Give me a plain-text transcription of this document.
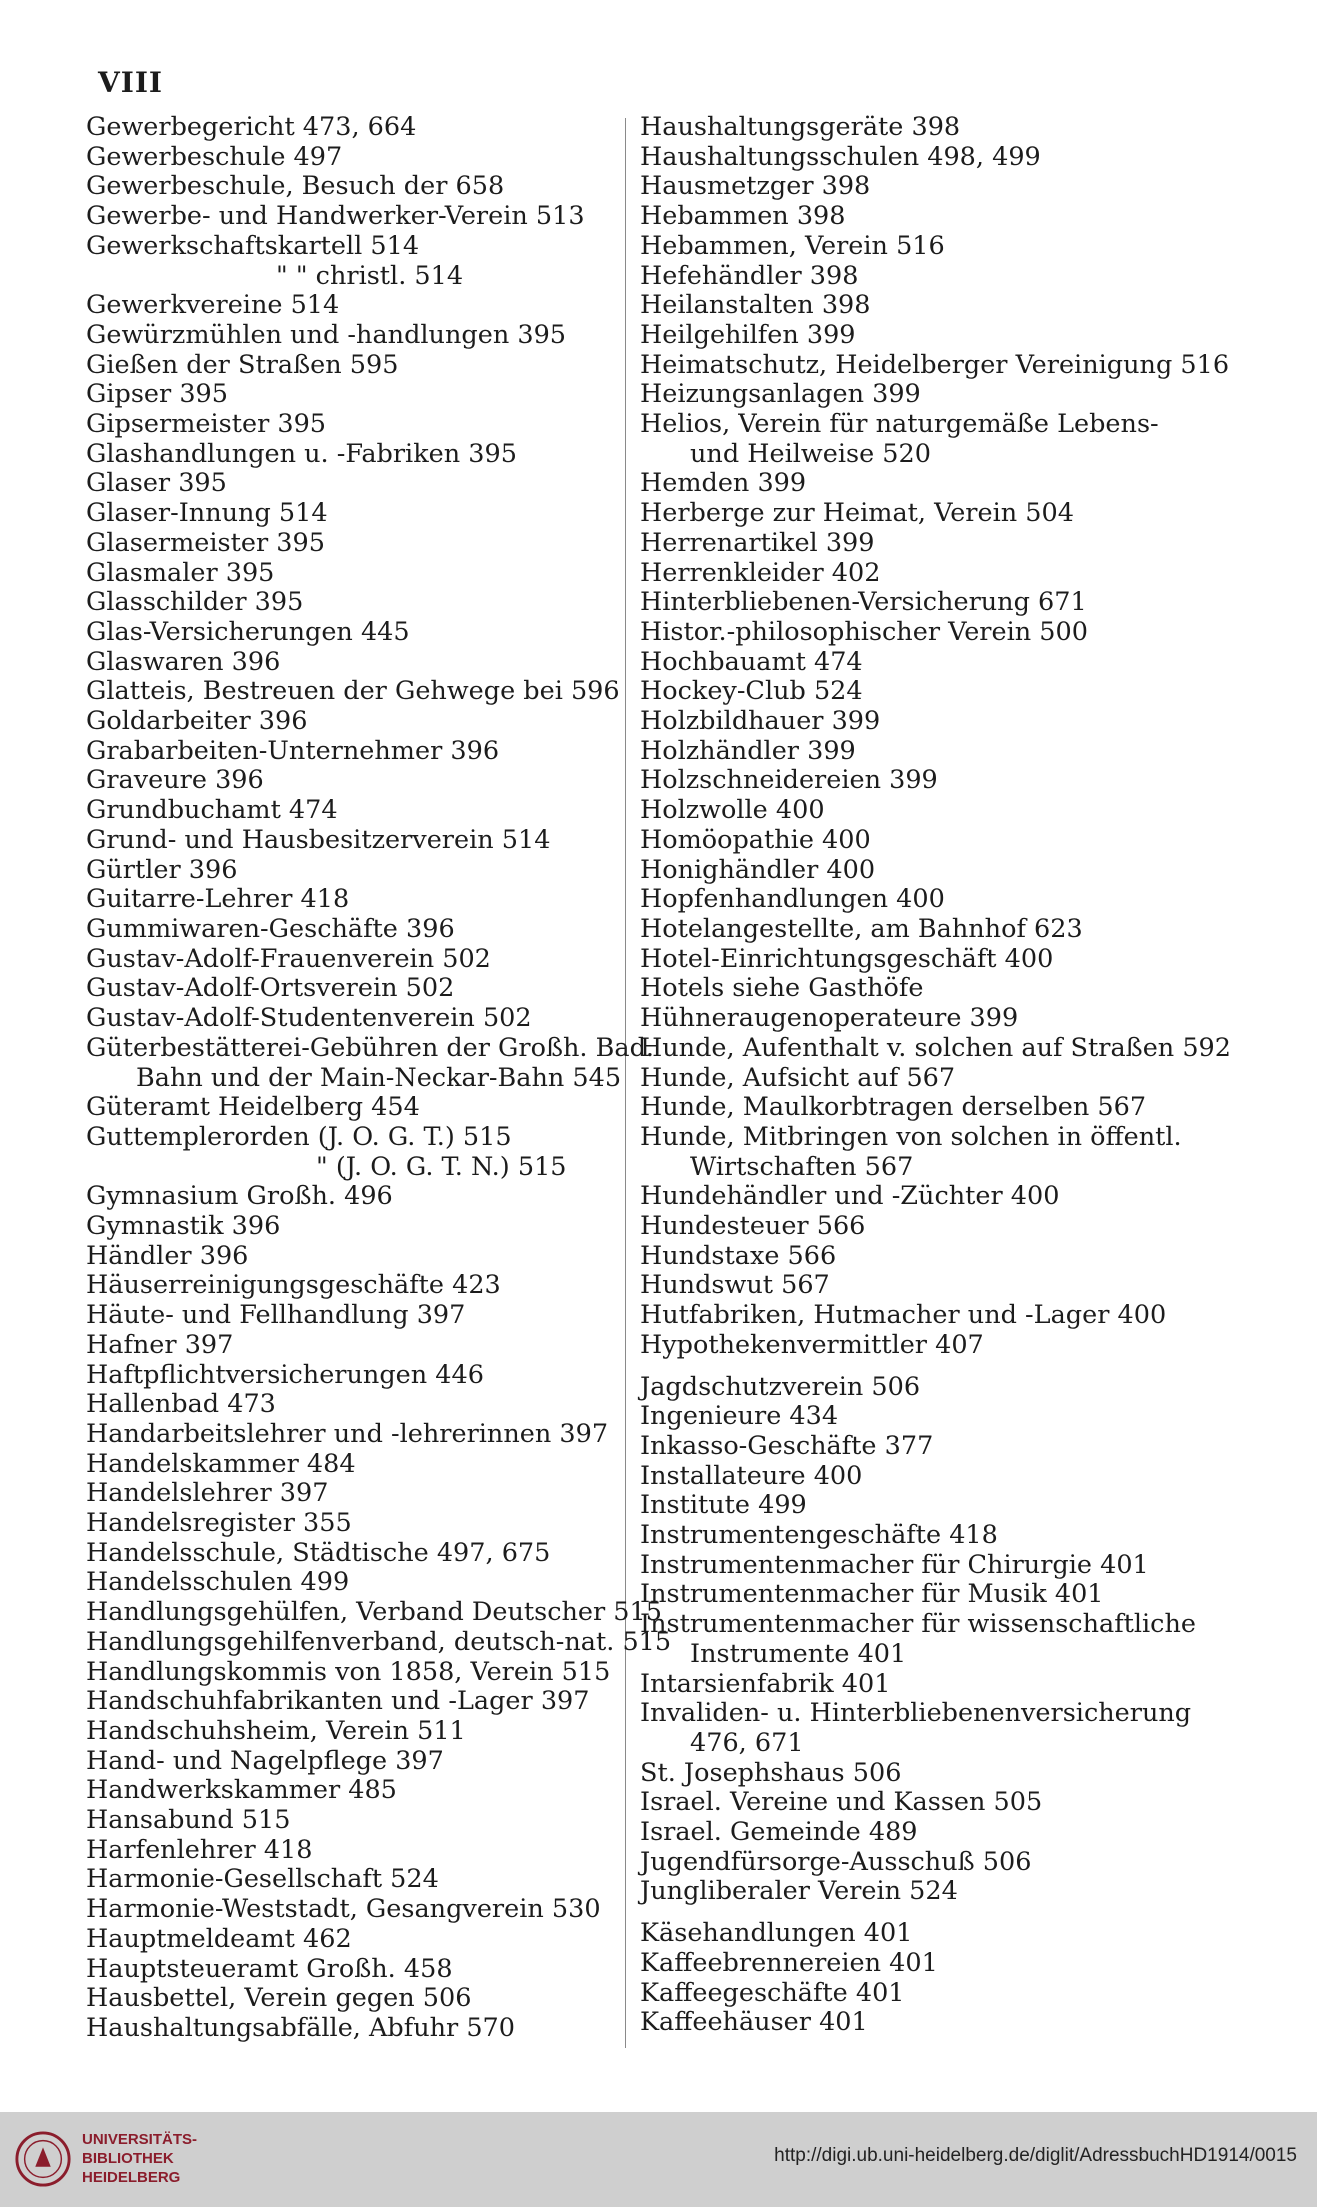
VIII
Gewerbegericht 473, 664
Gewerbeschule 497
Gewerbeschule, Besuch der 658
Gewerbe- und Handwerker-Verein 513
Gewerkschaftskartell 514
" " christl. 514
Gewerkvereine 514
Gewürzmühlen und -handlungen 395
Gießen der Straßen 595
Gipser 395
Gipsermeister 395
Glashandlungen u. -Fabriken 395
Glaser 395
Glaser-Innung 514
Glasermeister 395
Glasmaler 395
Glasschilder 395
Glas-Versicherungen 445
Glaswaren 396
Glatteis, Bestreuen der Gehwege bei 596
Goldarbeiter 396
Grabarbeiten-Unternehmer 396
Graveure 396
Grundbuchamt 474
Grund- und Hausbesitzerverein 514
Gürtler 396
Guitarre-Lehrer 418
Gummiwaren-Geschäfte 396
Gustav-Adolf-Frauenverein 502
Gustav-Adolf-Ortsverein 502
Gustav-Adolf-Studentenverein 502
Güterbestätterei-Gebühren der Großh. Bad.
Bahn und der Main-Neckar-Bahn 545
Güteramt Heidelberg 454
Guttemplerorden (J. O. G. T.) 515
" (J. O. G. T. N.) 515
Gymnasium Großh. 496
Gymnastik 396
Händler 396
Häuserreinigungsgeschäfte 423
Häute- und Fellhandlung 397
Hafner 397
Haftpflichtversicherungen 446
Hallenbad 473
Handarbeitslehrer und -lehrerinnen 397
Handelskammer 484
Handelslehrer 397
Handelsregister 355
Handelsschule, Städtische 497, 675
Handelsschulen 499
Handlungsgehülfen, Verband Deutscher 515
Handlungsgehilfenverband, deutsch-nat. 515
Handlungskommis von 1858, Verein 515
Handschuhfabrikanten und -Lager 397
Handschuhsheim, Verein 511
Hand- und Nagelpflege 397
Handwerkskammer 485
Hansabund 515
Harfenlehrer 418
Harmonie-Gesellschaft 524
Harmonie-Weststadt, Gesangverein 530
Hauptmeldeamt 462
Hauptsteueramt Großh. 458
Hausbettel, Verein gegen 506
Haushaltungsabfälle, Abfuhr 570
Haushaltungsgeräte 398
Haushaltungsschulen 498, 499
Hausmetzger 398
Hebammen 398
Hebammen, Verein 516
Hefehändler 398
Heilanstalten 398
Heilgehilfen 399
Heimatschutz, Heidelberger Vereinigung 516
Heizungsanlagen 399
Helios, Verein für naturgemäße Lebens-
und Heilweise 520
Hemden 399
Herberge zur Heimat, Verein 504
Herrenartikel 399
Herrenkleider 402
Hinterbliebenen-Versicherung 671
Histor.-philosophischer Verein 500
Hochbauamt 474
Hockey-Club 524
Holzbildhauer 399
Holzhändler 399
Holzschneidereien 399
Holzwolle 400
Homöopathie 400
Honighändler 400
Hopfenhandlungen 400
Hotelangestellte, am Bahnhof 623
Hotel-Einrichtungsgeschäft 400
Hotels siehe Gasthöfe
Hühneraugenoperateure 399
Hunde, Aufenthalt v. solchen auf Straßen 592
Hunde, Aufsicht auf 567
Hunde, Maulkorbtragen derselben 567
Hunde, Mitbringen von solchen in öffentl.
Wirtschaften 567
Hundehändler und -Züchter 400
Hundesteuer 566
Hundstaxe 566
Hundswut 567
Hutfabriken, Hutmacher und -Lager 400
Hypothekenvermittler 407
Jagdschutzverein 506
Ingenieure 434
Inkasso-Geschäfte 377
Installateure 400
Institute 499
Instrumentengeschäfte 418
Instrumentenmacher für Chirurgie 401
Instrumentenmacher für Musik 401
Instrumentenmacher für wissenschaftliche
Instrumente 401
Intarsienfabrik 401
Invaliden- u. Hinterbliebenenversicherung
476, 671
St. Josephshaus 506
Israel. Vereine und Kassen 505
Israel. Gemeinde 489
Jugendfürsorge-Ausschuß 506
Jungliberaler Verein 524
Käsehandlungen 401
Kaffeebrennereien 401
Kaffeegeschäfte 401
Kaffeehäuser 401
UNIVERSITÄTS-
BIBLIOTHEK
HEIDELBERG
http://digi.ub.uni-heidelberg.de/diglit/AdressbuchHD1914/0015
